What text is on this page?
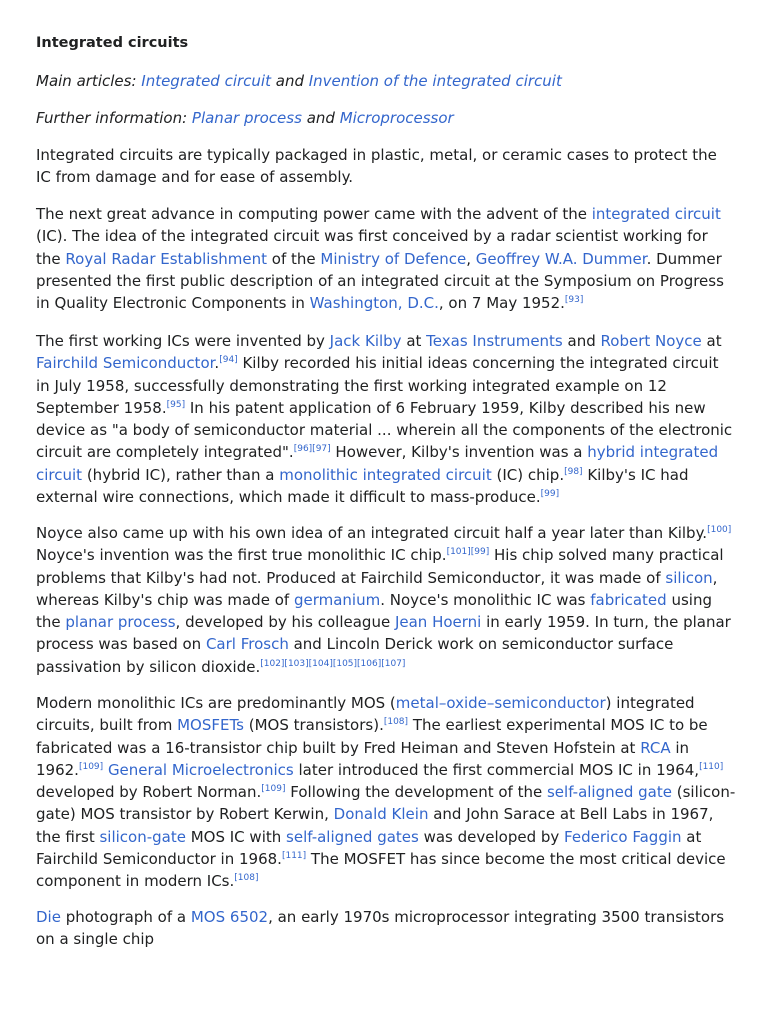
Integrated circuits
Main articles: Integrated circuit and Invention of the integrated circuit
Further information: Planar process and Microprocessor
Integrated circuits are typically packaged in plastic, metal, or ceramic cases to protect the IC from damage and for ease of assembly.
The next great advance in computing power came with the advent of the integrated circuit (IC). The idea of the integrated circuit was first conceived by a radar scientist working for the Royal Radar Establishment of the Ministry of Defence, Geoffrey W.A. Dummer. Dummer presented the first public description of an integrated circuit at the Symposium on Progress in Quality Electronic Components in Washington, D.C., on 7 May 1952.[93]
The first working ICs were invented by Jack Kilby at Texas Instruments and Robert Noyce at Fairchild Semiconductor.[94] Kilby recorded his initial ideas concerning the integrated circuit in July 1958, successfully demonstrating the first working integrated example on 12 September 1958.[95] In his patent application of 6 February 1959, Kilby described his new device as "a body of semiconductor material ... wherein all the components of the electronic circuit are completely integrated".[96][97] However, Kilby's invention was a hybrid integrated circuit (hybrid IC), rather than a monolithic integrated circuit (IC) chip.[98] Kilby's IC had external wire connections, which made it difficult to mass-produce.[99]
Noyce also came up with his own idea of an integrated circuit half a year later than Kilby.[100] Noyce's invention was the first true monolithic IC chip.[101][99] His chip solved many practical problems that Kilby's had not. Produced at Fairchild Semiconductor, it was made of silicon, whereas Kilby's chip was made of germanium. Noyce's monolithic IC was fabricated using the planar process, developed by his colleague Jean Hoerni in early 1959. In turn, the planar process was based on Carl Frosch and Lincoln Derick work on semiconductor surface passivation by silicon dioxide.[102][103][104][105][106][107]
Modern monolithic ICs are predominantly MOS (metal–oxide–semiconductor) integrated circuits, built from MOSFETs (MOS transistors).[108] The earliest experimental MOS IC to be fabricated was a 16-transistor chip built by Fred Heiman and Steven Hofstein at RCA in 1962.[109] General Microelectronics later introduced the first commercial MOS IC in 1964,[110] developed by Robert Norman.[109] Following the development of the self-aligned gate (silicon-gate) MOS transistor by Robert Kerwin, Donald Klein and John Sarace at Bell Labs in 1967, the first silicon-gate MOS IC with self-aligned gates was developed by Federico Faggin at Fairchild Semiconductor in 1968.[111] The MOSFET has since become the most critical device component in modern ICs.[108]
Die photograph of a MOS 6502, an early 1970s microprocessor integrating 3500 transistors on a single chip
